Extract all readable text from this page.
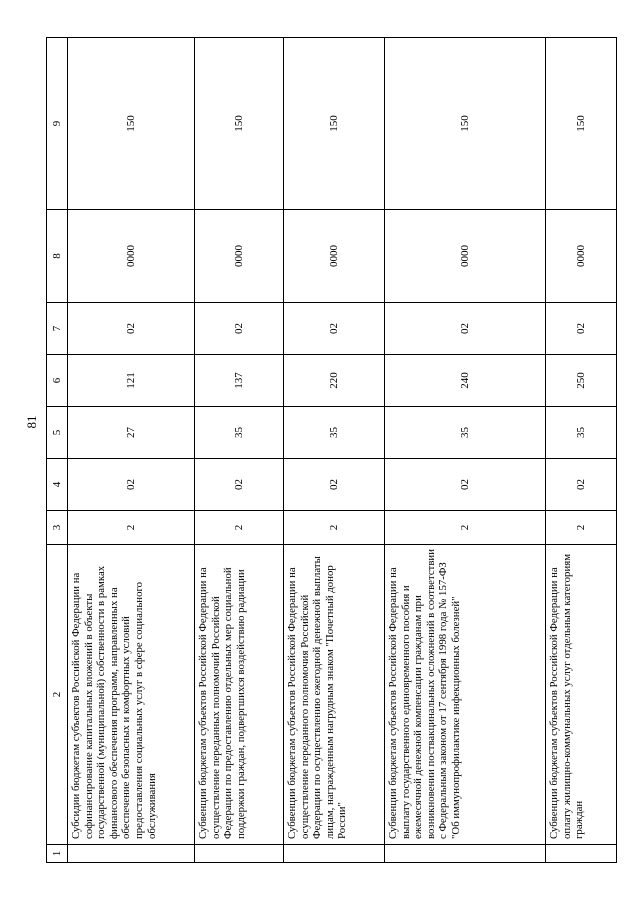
81
1	2	3	4	5	6	7	8	9
	Субсидии бюджетам субъектов Российской Федерации на софинансирование капитальных вложений в объекты государственной (муниципальной) собственности в рамках финансового обеспечения программ, направленных на обеспечение безопасных и комфортных условий предоставления социальных услуг в сфере социального обслуживания	2	02	27	121	02	0000	150
	Субвенции бюджетам субъектов Российской Федерации на осуществление переданных полномочий Российской Федерации по предоставлению отдельных мер социальной поддержки граждан, подвергшихся воздействию радиации	2	02	35	137	02	0000	150
	Субвенции бюджетам субъектов Российской Федерации на осуществление переданного полномочия Российской Федерации по осуществлению ежегодной денежной выплаты лицам, награжденным нагрудным знаком "Почетный донор России"	2	02	35	220	02	0000	150
	Субвенции бюджетам субъектов Российской Федерации на выплату государственного единовременного пособия и ежемесячной денежной компенсации гражданам при возникновении поствакцинальных осложнений в соответствии с Федеральным законом от 17 сентября 1998 года № 157-ФЗ "Об иммунопрофилактике инфекционных болезней"	2	02	35	240	02	0000	150
	Субвенции бюджетам субъектов Российской Федерации на оплату жилищно-коммунальных услуг отдельным категориям граждан	2	02	35	250	02	0000	150
